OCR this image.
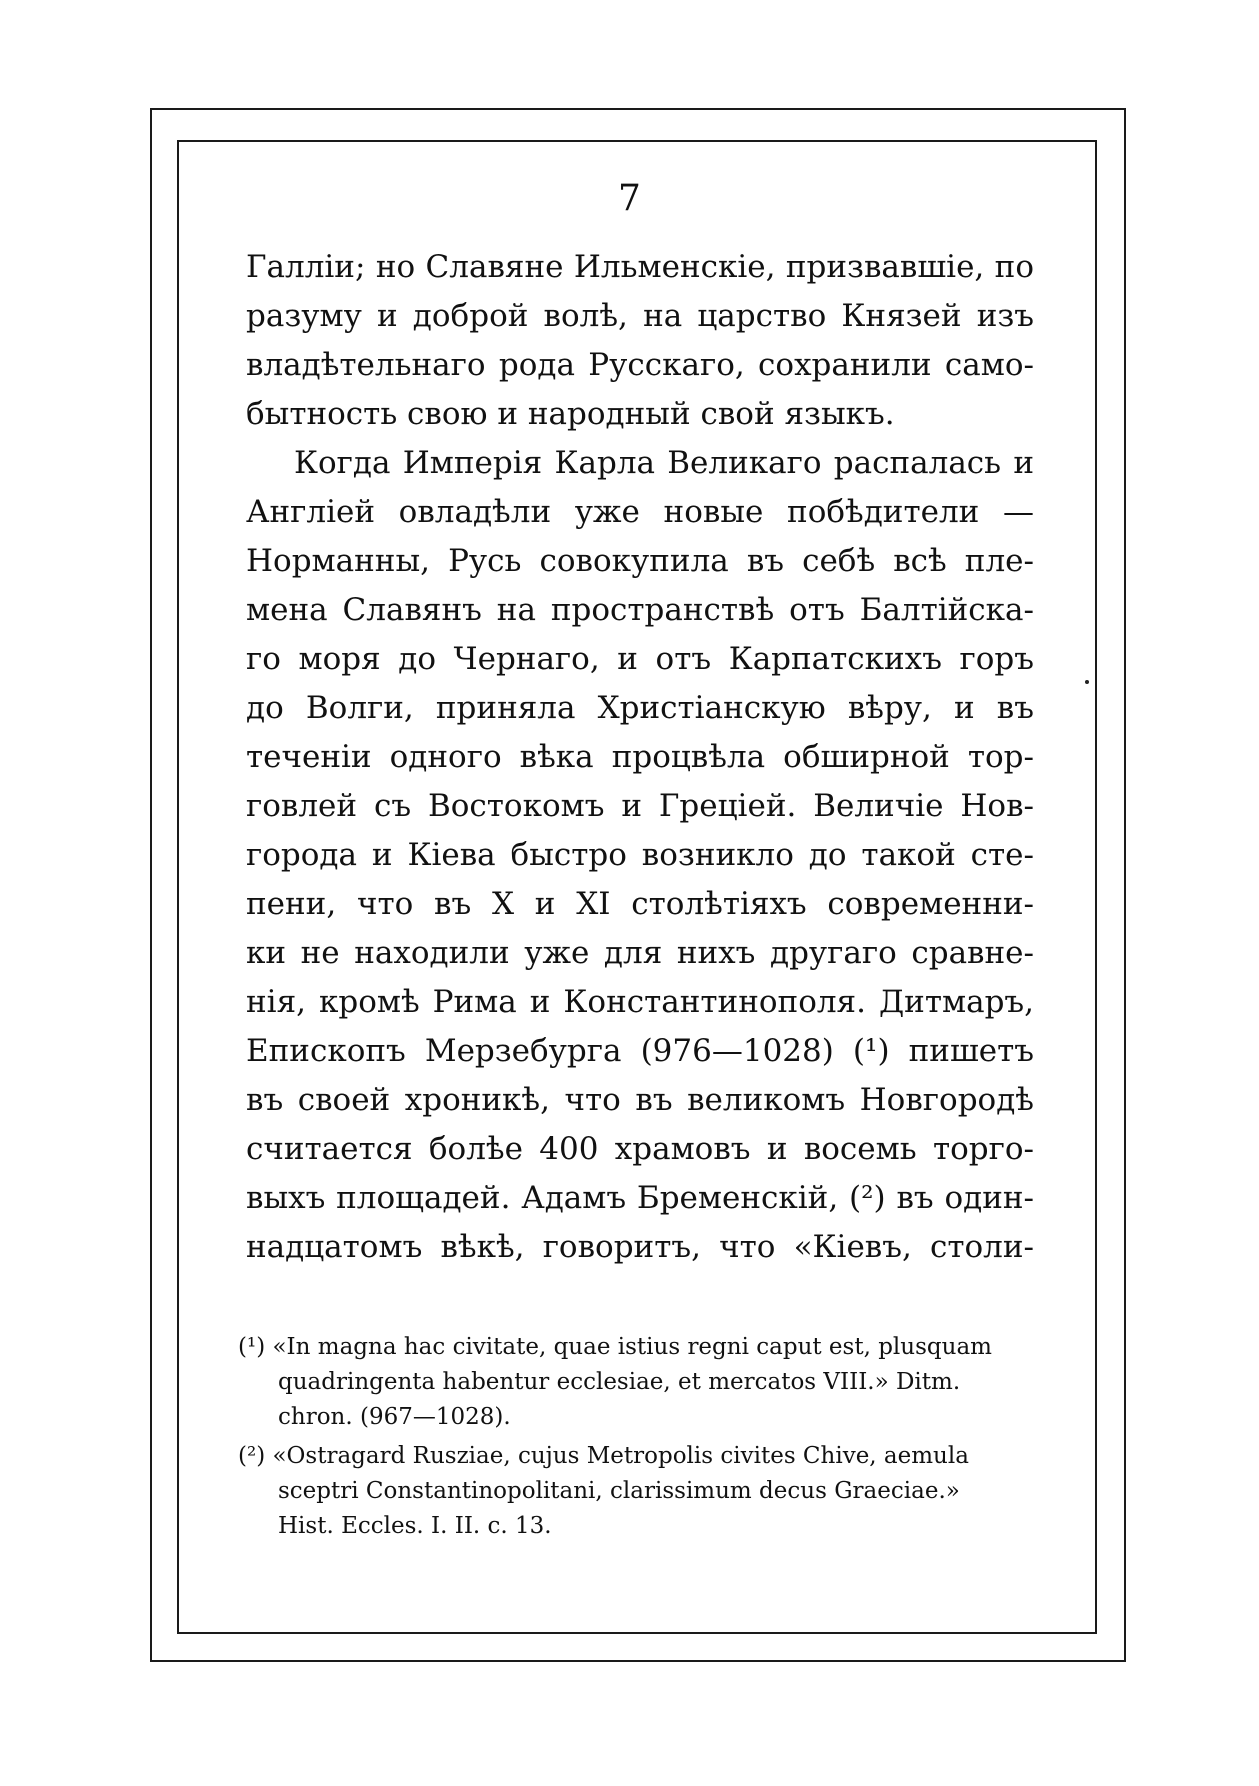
7
Галліи; но Славяне Ильменскіе, призвавшіе, по
разуму и доброй волѣ, на царство Князей изъ
владѣтельнаго рода Русскаго, сохранили само-
бытность свою и народный свой языкъ.
Когда Имперія Карла Великаго распалась и
Англіей овладѣли уже новые побѣдители —
Норманны, Русь совокупила въ себѣ всѣ пле-
мена Славянъ на пространствѣ отъ Балтійска-
го моря до Чернаго, и отъ Карпатскихъ горъ
до Волги, приняла Христіанскую вѣру, и въ
теченіи одного вѣка процвѣла обширной тор-
говлей съ Востокомъ и Греціей. Величіе Нов-
города и Кіева быстро возникло до такой сте-
пени, что въ X и XI столѣтіяхъ современни-
ки не находили уже для нихъ другаго сравне-
нія, кромѣ Рима и Константинополя. Дитмаръ,
Епископъ Мерзебурга (976—1028) (¹) пишетъ
въ своей хроникѣ, что въ великомъ Новгородѣ
считается болѣе 400 храмовъ и восемь торго-
выхъ площадей. Адамъ Бременскій, (²) въ один-
надцатомъ вѣкѣ, говоритъ, что «Кіевъ, столи-
(¹) «In magna hac civitate, quae istius regni caput est, plusquam
quadringenta habentur ecclesiae, et mercatos VIII.» Ditm.
chron. (967—1028).
(²) «Ostragard Rusziae, cujus Metropolis civites Chive, aemula
sceptri Constantinopolitani, clarissimum decus Graeciae.»
Hist. Eccles. I. II. c. 13.
